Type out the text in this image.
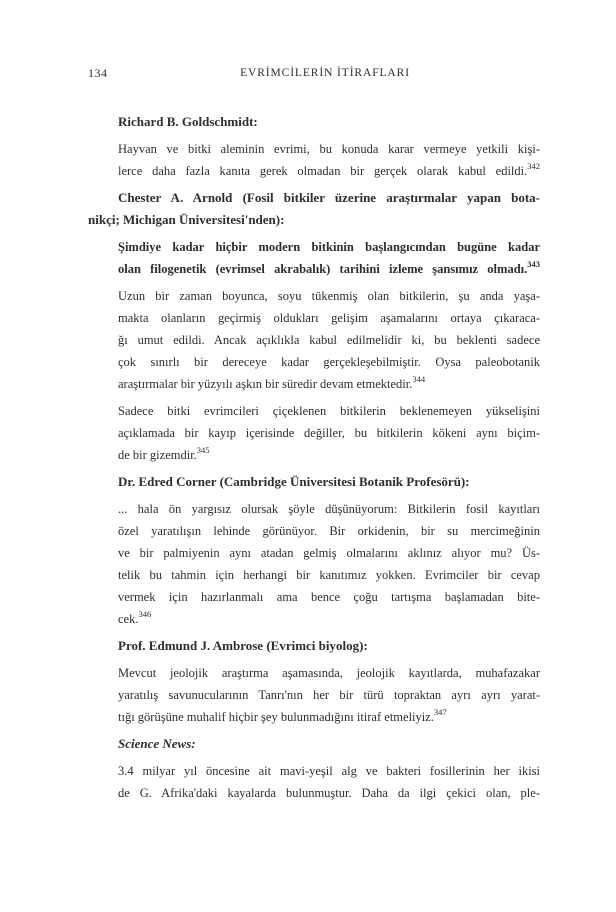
134	EVRİMCİLERİN İTİRAFLARI
Richard B. Goldschmidt:
Hayvan ve bitki aleminin evrimi, bu konuda karar vermeye yetkili kişi-
lerce daha fazla kanıta gerek olmadan bir gerçek olarak kabul edildi.$^{342}$
Chester A. Arnold (Fosil bitkiler üzerine araştırmalar yapan bota-
nikçi; Michigan Üniversitesi'nden):
Şimdiye kadar hiçbir modern bitkinin başlangıcından bugüne kadar
olan filogenetik (evrimsel akrabalık) tarihini izleme şansımız olmadı.$^{343}$
Uzun bir zaman boyunca, soyu tükenmiş olan bitkilerin, şu anda yaşa-
makta olanların geçirmiş oldukları gelişim aşamalarını ortaya çıkaraca-
ğı umut edildi. Ancak açıklıkla kabul edilmelidir ki, bu beklenti sadece
çok sınırlı bir dereceye kadar gerçekleşebilmiştir. Oysa paleobotanik
araştırmalar bir yüzyılı aşkın bir süredir devam etmektedir.$^{344}$
Sadece bitki evrimcileri çiçeklenen bitkilerin beklenemeyen yükselişini
açıklamada bir kayıp içerisinde değiller, bu bitkilerin kökeni aynı biçim-
de bir gizemdir.$^{345}$
Dr. Edred Corner (Cambridge Üniversitesi Botanik Profesörü):
... hala ön yargısız olursak şöyle düşünüyorum: Bitkilerin fosil kayıtları
özel yaratılışın lehinde görünüyor. Bir orkidenin, bir su mercimeğinin
ve bir palmiyenin aynı atadan gelmiş olmalarını aklınız alıyor mu? Üs-
telik bu tahmin için herhangi bir kanıtımız yokken. Evrimciler bir cevap
vermek için hazırlanmalı ama bence çoğu tartışma başlamadan bite-
cek.$^{346}$
Prof. Edmund J. Ambrose (Evrimci biyolog):
Mevcut jeolojik araştırma aşamasında, jeolojik kayıtlarda, muhafazakar
yaratılış savunucularının Tanrı'nın her bir türü topraktan ayrı ayrı yarat-
tığı görüşüne muhalif hiçbir şey bulunmadığını itiraf etmeliyiz.$^{347}$
Science News:
3.4 milyar yıl öncesine ait mavi-yeşil alg ve bakteri fosillerinin her ikisi
de G. Afrika'daki kayalarda bulunmuştur. Daha da ilgi çekici olan, ple-
